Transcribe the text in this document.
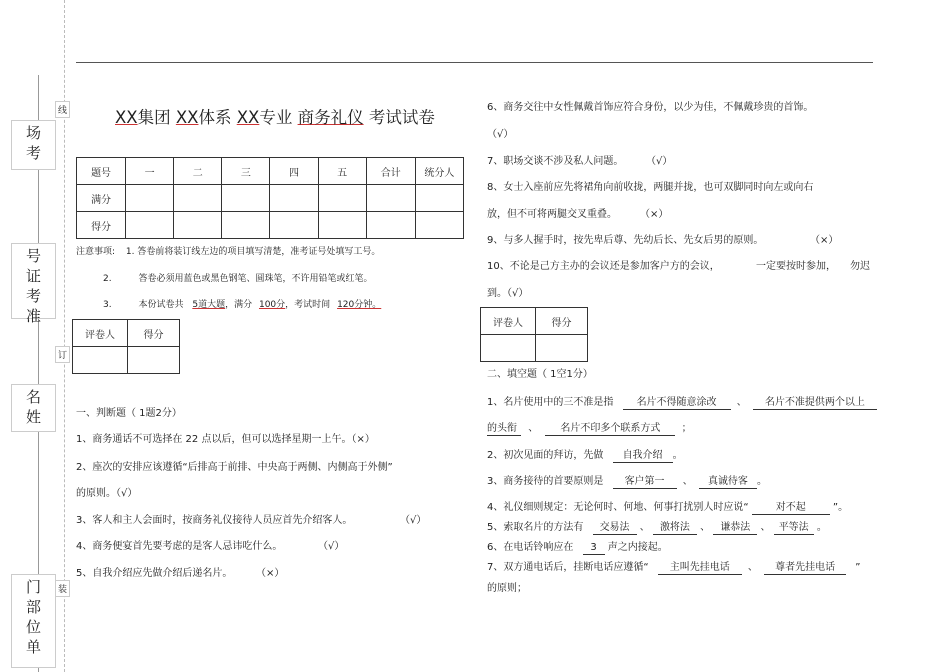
线
场考
号证考准
订
名姓
装
门部位单
XX集团 XX体系 XX专业 商务礼仪 考试试卷
题号	一	二	三	四	五	合计	统分人
满分							
得分							
注意事项: 1. 答卷前将装订线左边的项目填写清楚，准考证号处填写工号。
2.	答卷必须用蓝色或黑色钢笔、圆珠笔，不许用铅笔或红笔。
3.	本份试卷共 5道大题，满分 100分，考试时间 120分钟。
评卷人	得分

一、判断题（ 1题2分）
1、商务通话不可选择在 22 点以后，但可以选择星期一上午。（×）
2、座次的安排应该遵循“后排高于前排、中央高于两侧、内侧高于外侧”
的原则。（√）
3、客人和主人会面时，按商务礼仪接待人员应首先介绍客人。	（√）
4、商务便宴首先要考虑的是客人忌讳吃什么。	（√）
5、自我介绍应先做介绍后递名片。 （×）
6、商务交往中女性佩戴首饰应符合身份，以少为佳，不佩戴珍贵的首饰。
（√）
7、职场交谈不涉及私人问题。 （√）
8、女士入座前应先将裙角向前收拢，两腿并拢，也可双脚同时向左或向右
放，但不可将两腿交叉重叠。 （×）
9、与多人握手时，按先卑后尊、先幼后长、先女后男的原则。	（×）
10、不论是己方主办的会议还是参加客户方的会议，	一定要按时参加， 勿迟
到。（√）
评卷人	得分

二、填空题（ 1空1分）
1、名片使用中的三不准是指 名片不得随意涂改 、 名片不准提供两个以上
的头衔 、 名片不印多个联系方式 ；
2、初次见面的拜访，先做 自我介绍 。
3、商务接待的首要原则是 客户第一 、 真诚待客 。
4、礼仪细则规定：无论何时、何地、何事打扰别人时应说“	对不起	”。
5、索取名片的方法有 交易法 、 激将法 、 谦恭法 、 平等法 。
6、在电话铃响应在 3 声之内接起。
7、双方通电话后，挂断电话应遵循“ 主叫先挂电话 、 尊者先挂电话 ”
的原则；
